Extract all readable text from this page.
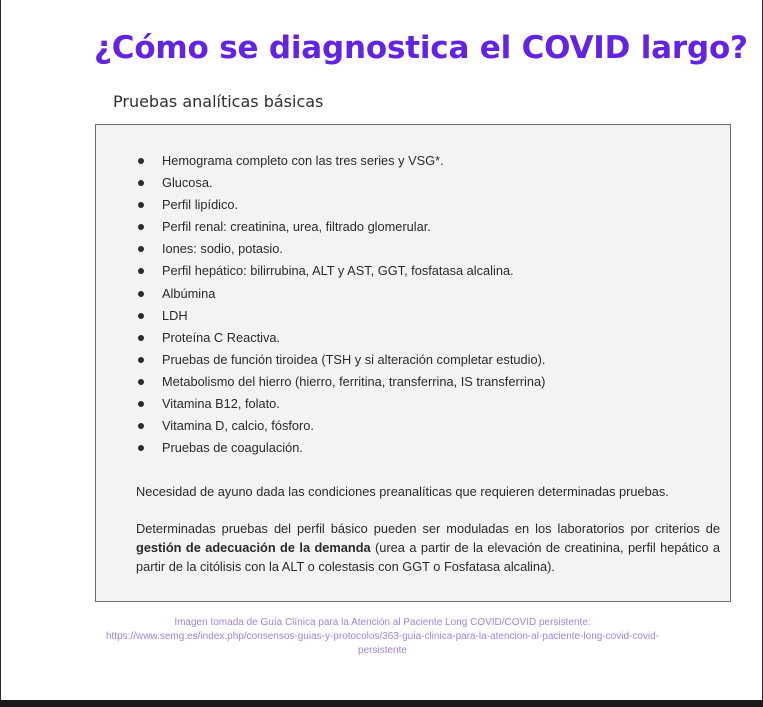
¿Cómo se diagnostica el COVID largo?
Pruebas analíticas básicas
Hemograma completo con las tres series y VSG*.
Glucosa.
Perfil lipídico.
Perfil renal: creatinina, urea, filtrado glomerular.
Iones: sodio, potasio.
Perfil hepático: bilirrubina, ALT y AST, GGT, fosfatasa alcalina.
Albúmina
LDH
Proteína C Reactiva.
Pruebas de función tiroidea (TSH y si alteración completar estudio).
Metabolismo del hierro (hierro, ferritina, transferrina, IS transferrina)
Vitamina B12, folato.
Vitamina D, calcio, fósforo.
Pruebas de coagulación.

Necesidad de ayuno dada las condiciones preanalíticas que requieren determinadas pruebas.

Determinadas pruebas del perfil básico pueden ser moduladas en los laboratorios por criterios de gestión de adecuación de la demanda (urea a partir de la elevación de creatinina, perfil hepático a partir de la citólisis con la ALT o colestasis con GGT o Fosfatasa alcalina).

Imagen tomada de Guía Clínica para la Atención al Paciente Long COVID/COVID persistente:
https://www.semg.es/index.php/consensos-guias-y-protocolos/363-guia-clinica-para-la-atencion-al-paciente-long-covid-covid-
persistente
